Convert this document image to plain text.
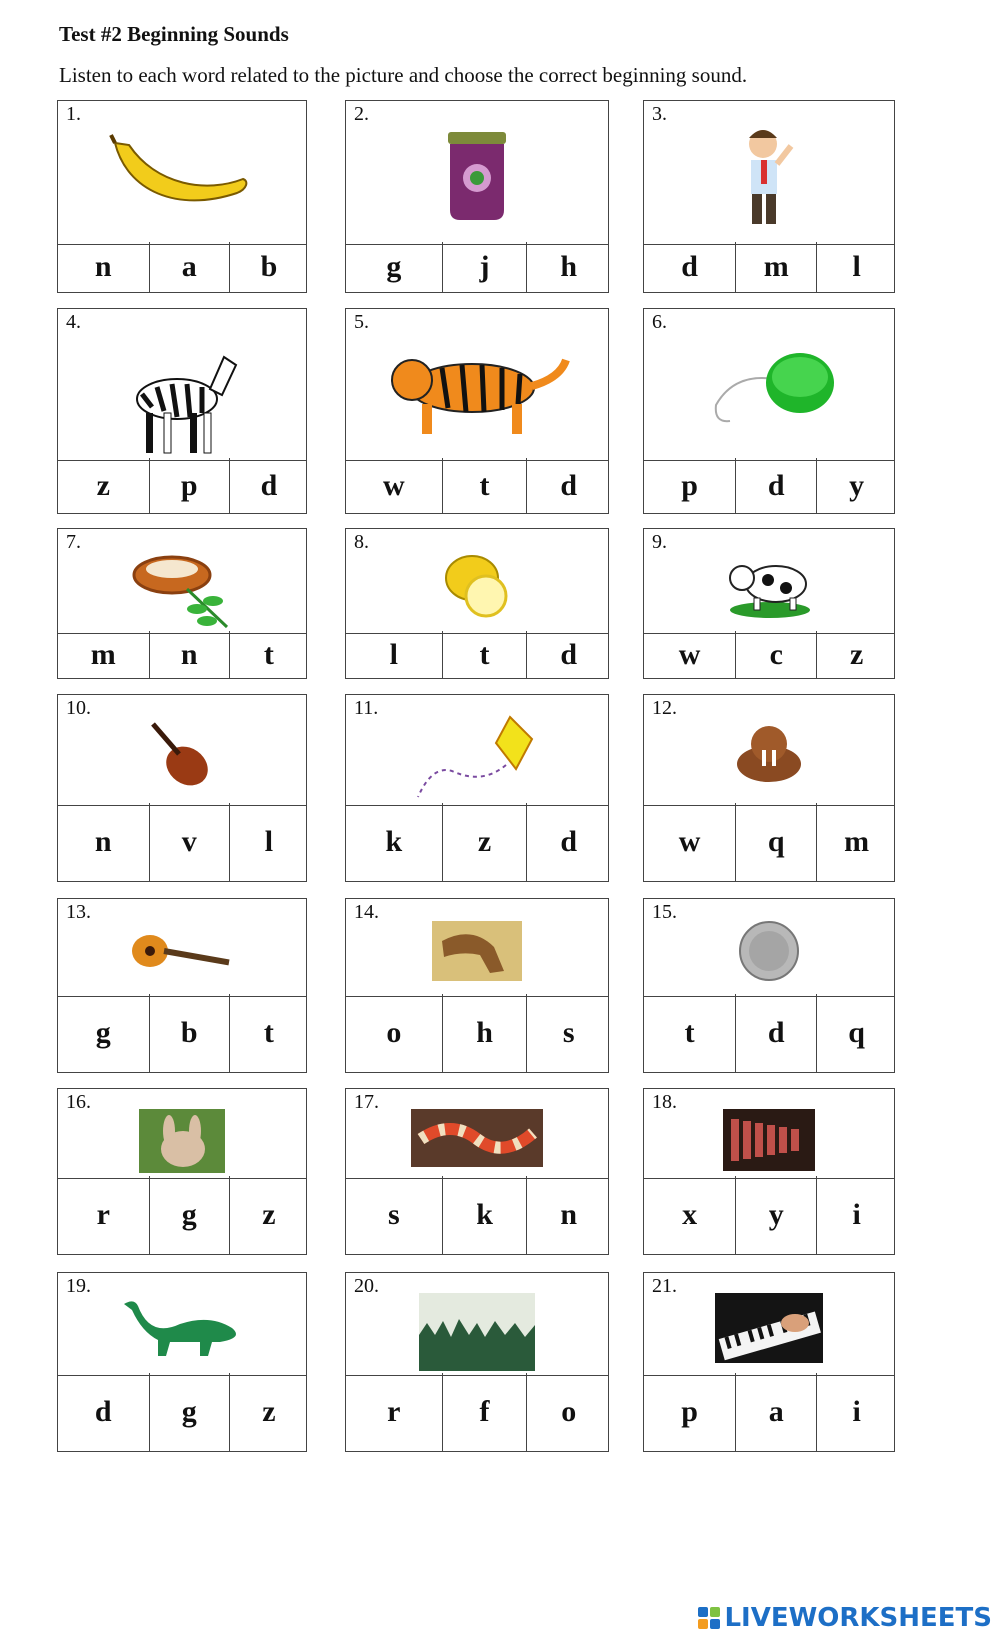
Test #2 Beginning Sounds
Listen to each word related to the picture and choose the correct beginning sound.
1.
n	a	b
2.
g	j	h
3.
d	m	l
4.
z	p	d
5.
w	t	d
6.
p	d	y
7.
m	n	t
8.
l	t	d
9.
w	c	z
10.
n	v	l
11.
k	z	d
12.
w	q	m
13.
g	b	t
14.
o	h	s
15.
t	d	q
16.
r	g	z
17.
s	k	n
18.
x	y	i
19.
d	g	z
20.
r	f	o
21.
p	a	i
LIVEWORKSHEETS
